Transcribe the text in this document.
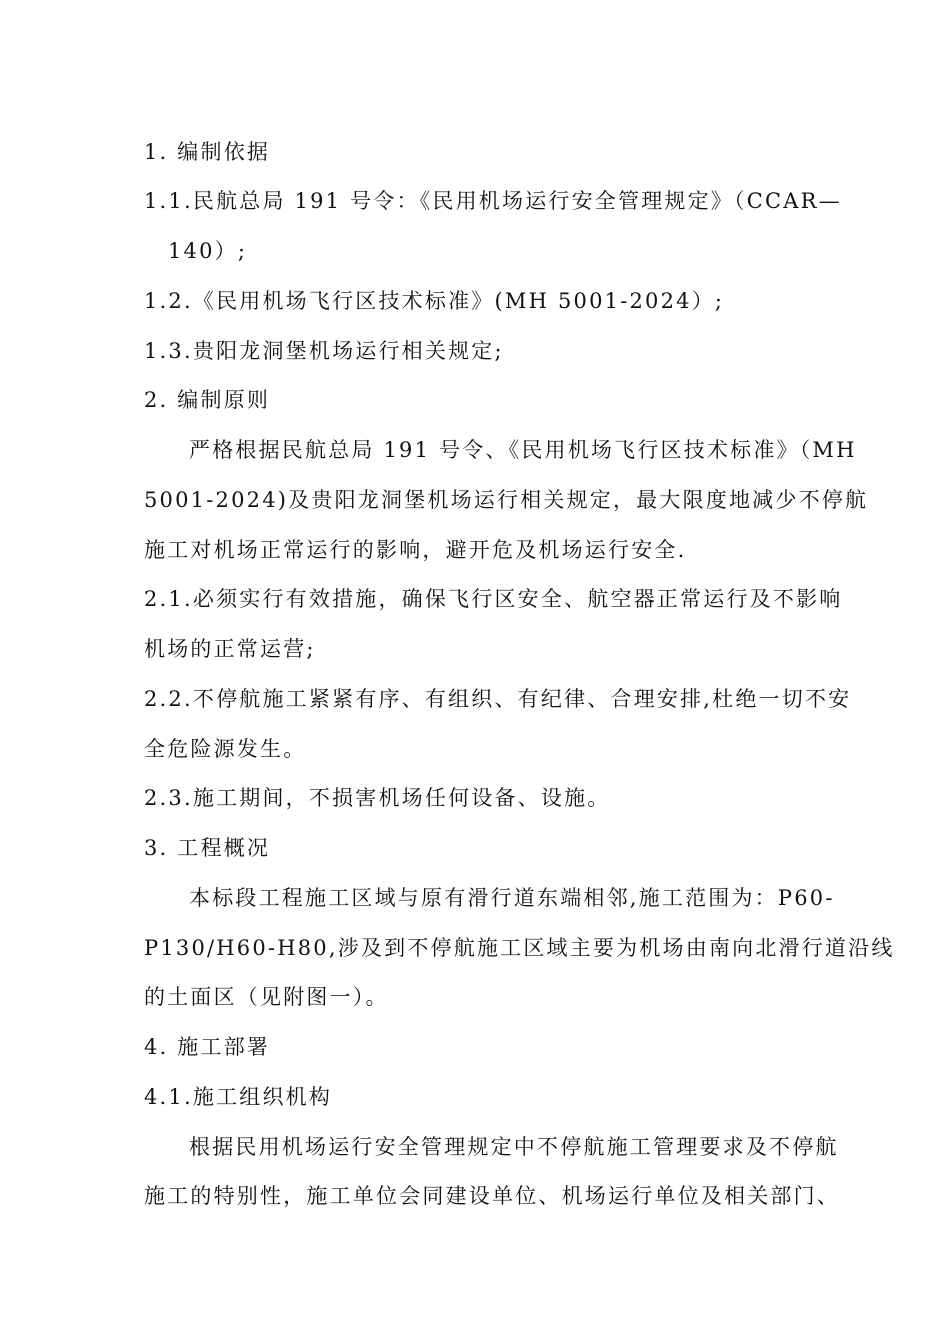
1. 编制依据
1.1.民航总局 191 号令：《民用机场运行安全管理规定》（CCAR—
140）;
1.2.《民用机场飞行区技术标准》(MH 5001-2024）;
1.3.贵阳龙洞堡机场运行相关规定;
2. 编制原则
严格根据民航总局 191 号令、《民用机场飞行区技术标准》（MH
5001-2024)及贵阳龙洞堡机场运行相关规定，最大限度地减少不停航
施工对机场正常运行的影响，避开危及机场运行安全.
2.1.必须实行有效措施，确保飞行区安全、航空器正常运行及不影响
机场的正常运营;
2.2.不停航施工紧紧有序、有组织、有纪律、合理安排,杜绝一切不安
全危险源发生。
2.3.施工期间，不损害机场任何设备、设施。
3. 工程概况
本标段工程施工区域与原有滑行道东端相邻,施工范围为：P60-
P130/H60-H80,涉及到不停航施工区域主要为机场由南向北滑行道沿线
的土面区（见附图一）。
4. 施工部署
4.1.施工组织机构
根据民用机场运行安全管理规定中不停航施工管理要求及不停航
施工的特别性，施工单位会同建设单位、机场运行单位及相关部门、
